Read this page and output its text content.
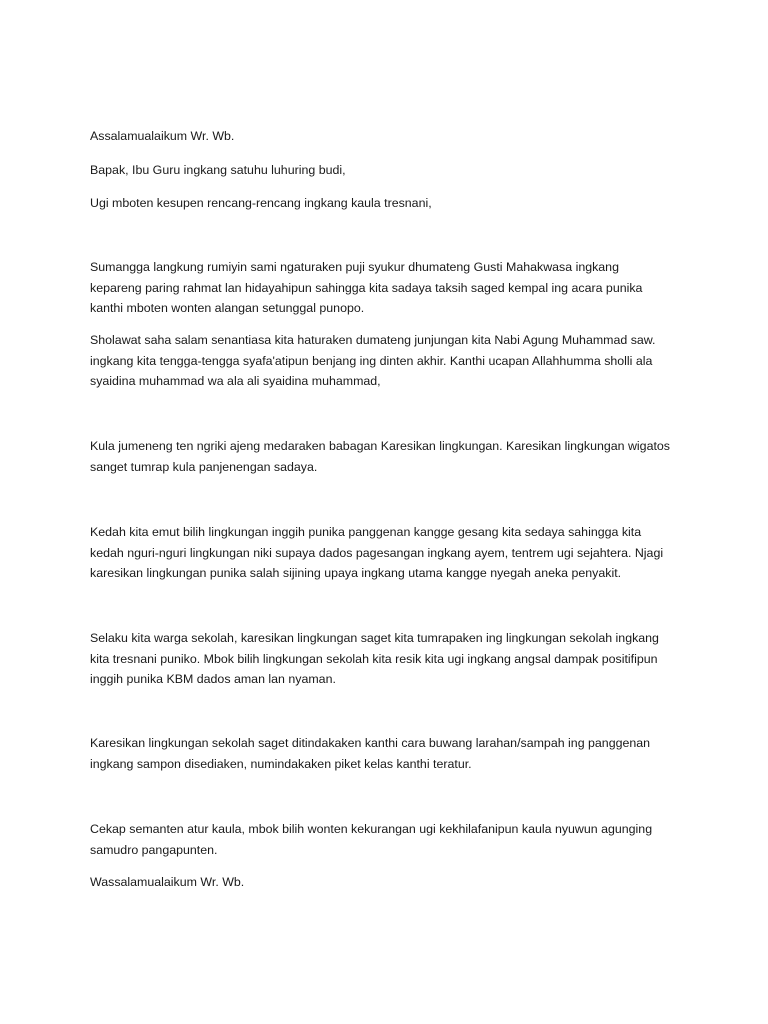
Assalamualaikum Wr. Wb.

Bapak, Ibu Guru ingkang satuhu luhuring budi,

Ugi mboten kesupen rencang-rencang ingkang kaula tresnani,

Sumangga langkung rumiyin sami ngaturaken puji syukur dhumateng Gusti Mahakwasa ingkang
kepareng paring rahmat lan hidayahipun sahingga kita sadaya taksih saged kempal ing acara punika
kanthi mboten wonten alangan setunggal punopo.

Sholawat saha salam senantiasa kita haturaken dumateng junjungan kita Nabi Agung Muhammad saw.
ingkang kita tengga-tengga syafa'atipun benjang ing dinten akhir. Kanthi ucapan Allahhumma sholli ala
syaidina muhammad wa ala ali syaidina muhammad,

Kula jumeneng ten ngriki ajeng medaraken babagan Karesikan lingkungan. Karesikan lingkungan wigatos
sanget tumrap kula panjenengan sadaya.

Kedah kita emut bilih lingkungan inggih punika panggenan kangge gesang kita sedaya sahingga kita
kedah nguri-nguri lingkungan niki supaya dados pagesangan ingkang ayem, tentrem ugi sejahtera. Njagi
karesikan lingkungan punika salah sijining upaya ingkang utama kangge nyegah aneka penyakit.

Selaku kita warga sekolah, karesikan lingkungan saget kita tumrapaken ing lingkungan sekolah ingkang
kita tresnani puniko. Mbok bilih lingkungan sekolah kita resik kita ugi ingkang angsal dampak positifipun
inggih punika KBM dados aman lan nyaman.

Karesikan lingkungan sekolah saget ditindakaken kanthi cara buwang larahan/sampah ing panggenan
ingkang sampon disediaken, numindakaken piket kelas kanthi teratur.

Cekap semanten atur kaula, mbok bilih wonten kekurangan ugi kekhilafanipun kaula nyuwun agunging
samudro pangapunten.

Wassalamualaikum Wr. Wb.
